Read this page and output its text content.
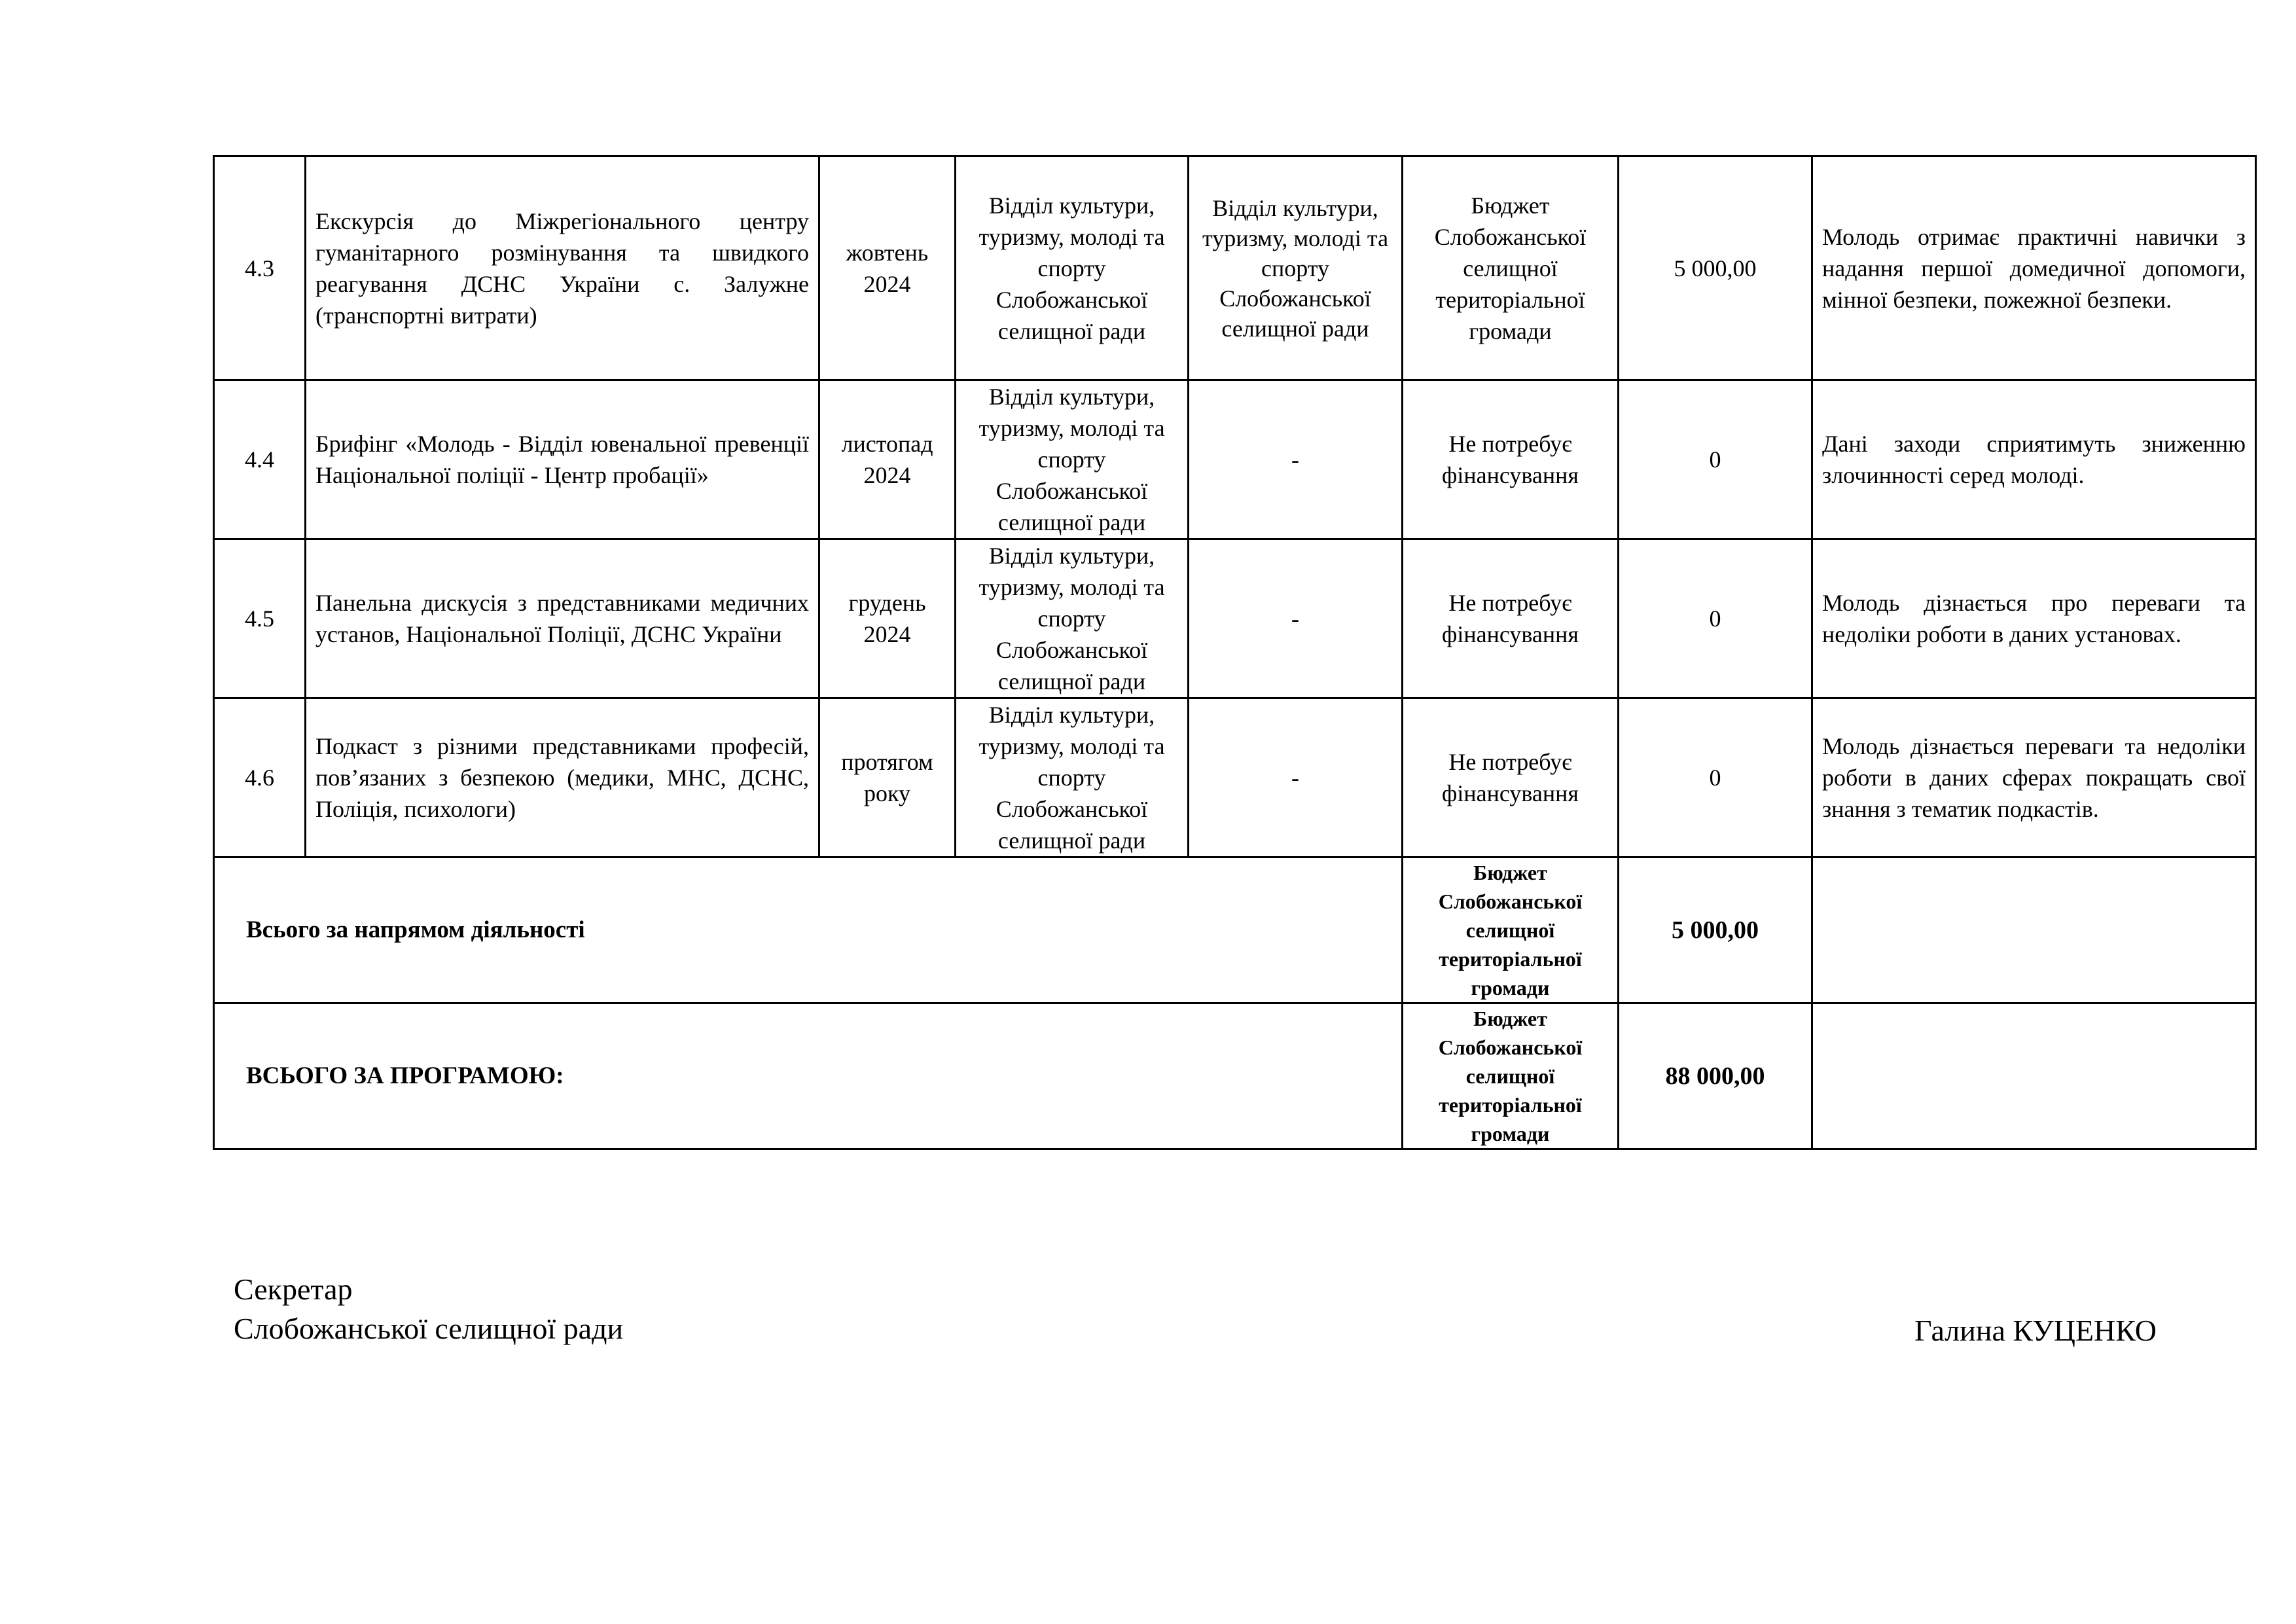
4.3	Екскурсія до Міжрегіонального центру гуманітарного розмінування та швидкого реагування ДСНС України с. Залужне (транспортні витрати)	жовтень 2024	Відділ культури, туризму, молоді та спорту Слобожанської селищної ради	Відділ культури, туризму, молоді та спорту Слобожанської селищної ради	Бюджет Слобожанської селищної територіальної громади	5 000,00	Молодь отримає практичні навички з надання першої домедичної допомоги, мінної безпеки, пожежної безпеки.
4.4	Брифінг «Молодь - Відділ ювенальної превенції Національної поліції - Центр пробації»	листопад 2024	Відділ культури, туризму, молоді та спорту Слобожанської селищної ради	-	Не потребує фінансування	0	Дані заходи сприятимуть зниженню злочинності серед молоді.
4.5	Панельна дискусія з представниками медичних установ, Національної Поліції, ДСНС України	грудень 2024	Відділ культури, туризму, молоді та спорту Слобожанської селищної ради	-	Не потребує фінансування	0	Молодь дізнається про переваги та недоліки роботи в даних установах.
4.6	Подкаст з різними представниками професій, пов’язаних з безпекою (медики, МНС, ДСНС, Поліція, психологи)	протягом року	Відділ культури, туризму, молоді та спорту Слобожанської селищної ради	-	Не потребує фінансування	0	Молодь дізнається переваги та недоліки роботи в даних сферах покращать свої знання з тематик подкастів.
Всього за напрямом діяльності					Бюджет Слобожанської селищної територіальної громади	5 000,00	
ВСЬОГО ЗА ПРОГРАМОЮ:					Бюджет Слобожанської селищної територіальної громади	88 000,00	
Секретар
Слобожанської селищної ради	Галина КУЦЕНКО
